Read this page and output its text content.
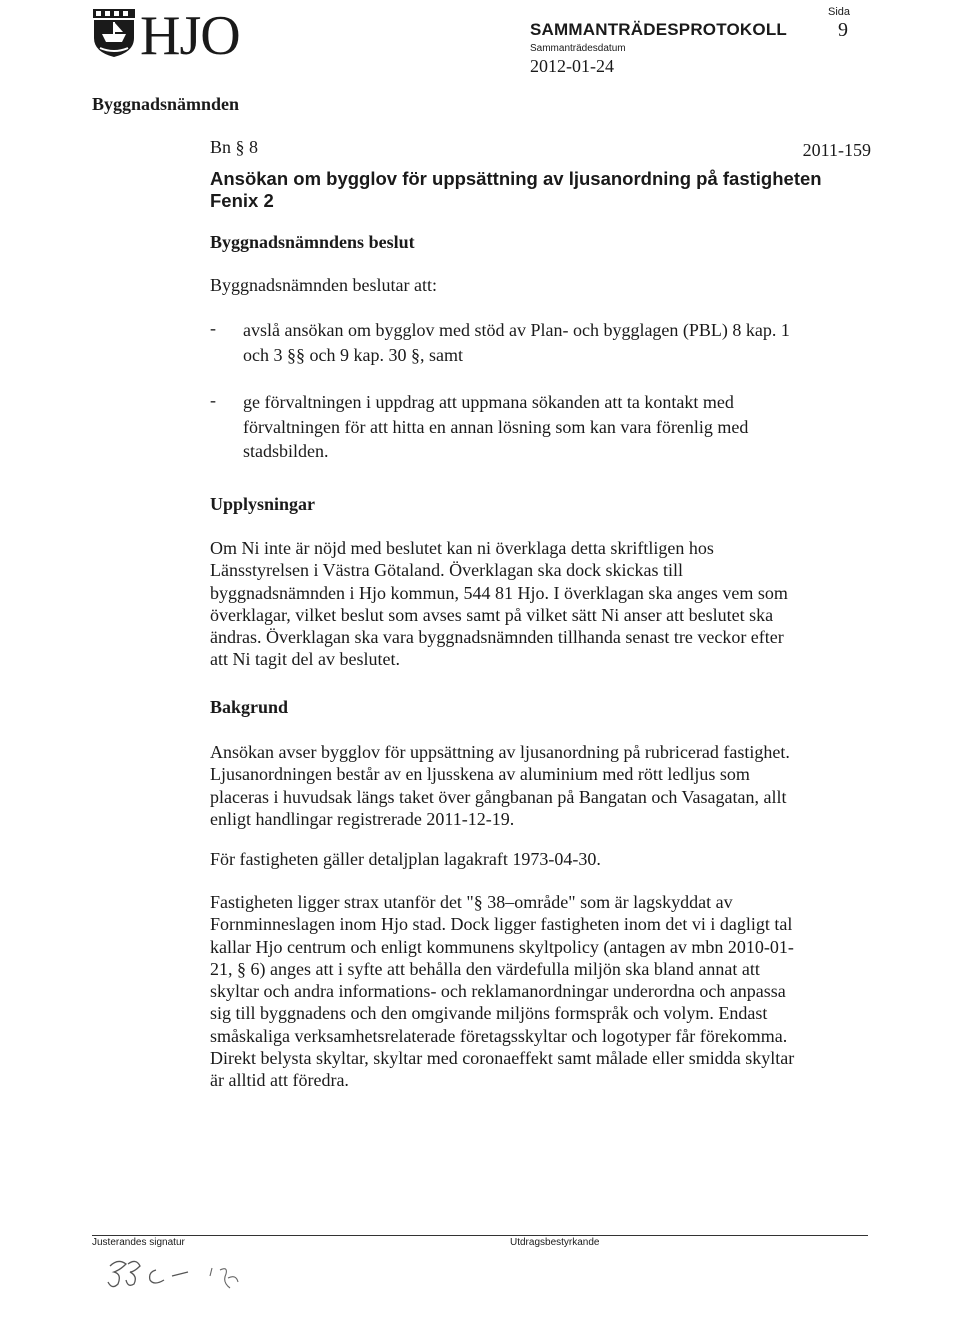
HJO	SAMMANTRÄDESPROTOKOLL
Sammanträdesdatum
2012-01-24
Sida
9
Byggnadsnämnden
Bn § 8	2011-159
Ansökan om bygglov för uppsättning av ljusanordning på fastigheten Fenix 2
Byggnadsnämndens beslut

Byggnadsnämnden beslutar att:

- avslå ansökan om bygglov med stöd av Plan- och bygglagen (PBL) 8 kap. 1
och 3 §§ och 9 kap. 30 §, samt
- ge förvaltningen i uppdrag att uppmana sökanden att ta kontakt med
förvaltningen för att hitta en annan lösning som kan vara förenlig med
stadsbilden.
Upplysningar

Om Ni inte är nöjd med beslutet kan ni överklaga detta skriftligen hos

Länsstyrelsen i Västra Götaland. Överklagan ska dock skickas till

byggnadsnämnden i Hjo kommun, 544 81 Hjo. I överklagan ska anges vem som

överklagar, vilket beslut som avses samt på vilket sätt Ni anser att beslutet ska

ändras. Överklagan ska vara byggnadsnämnden tillhanda senast tre veckor efter

att Ni tagit del av beslutet.

Bakgrund

Ansökan avser bygglov för uppsättning av ljusanordning på rubricerad fastighet.

Ljusanordningen består av en ljusskena av aluminium med rött ledljus som

placeras i huvudsak längs taket över gångbanan på Bangatan och Vasagatan, allt

enligt handlingar registrerade 2011-12-19.

För fastigheten gäller detaljplan lagakraft 1973-04-30.

Fastigheten ligger strax utanför det "§ 38–område" som är lagskyddat av

Fornminneslagen inom Hjo stad. Dock ligger fastigheten inom det vi i dagligt tal

kallar Hjo centrum och enligt kommunens skyltpolicy (antagen av mbn 2010-01-

21, § 6) anges att i syfte att behålla den värdefulla miljön ska bland annat att

skyltar och andra informations- och reklamanordningar underordna och anpassa

sig till byggnadens och den omgivande miljöns formspråk och volym. Endast

småskaliga verksamhetsrelaterade företagsskyltar och logotyper får förekomma.

Direkt belysta skyltar, skyltar med coronaeffekt samt målade eller smidda skyltar

är alltid att föredra.

Justerandes signatur	Utdragsbestyrkande
